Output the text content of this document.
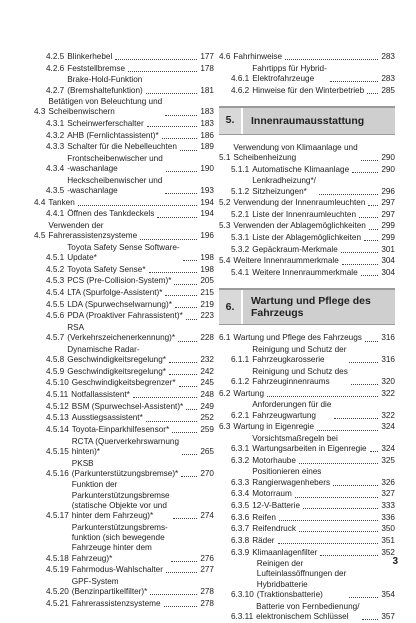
4.2.5 Blinkerhebel	177
4.2.6 Feststellbremse	178
4.2.7
Brake-Hold-Funktion
(Bremshaltefunktion)	181
4.3
Betätigen von Beleuchtung und
Scheibenwischern	183
4.3.1 Scheinwerferschalter	183
4.3.2 AHB (Fernlichtassistent)*	186
4.3.3 Schalter für die Nebelleuchten	189
4.3.4
Frontscheibenwischer und
-waschanlage	190
4.3.5
Heckscheibenwischer und
-waschanlage	193
4.4 Tanken	194
4.4.1 Öffnen des Tankdeckels	194
4.5
Verwenden der
Fahrerassistenzsysteme	196
4.5.1
Toyota Safety Sense Software-
Update*	198
4.5.2 Toyota Safety Sense*	198
4.5.3 PCS (Pre-Collision-System)*	205
4.5.4 LTA (Spurfolge-Assistent)*	215
4.5.5 LDA (Spurwechselwarnung)*	219
4.5.6 PDA (Proaktiver Fahrassistent)* 223
4.5.7
RSA
(Verkehrszeichenerkennung)*	228
4.5.8
Dynamische Radar-
Geschwindigkeitsregelung*	232
4.5.9 Geschwindigkeitsregelung*	242
4.5.10 Geschwindigkeitsbegrenzer*	245
4.5.11 Notfallassistent*	248
4.5.12 BSM (Spurwechsel-Assistent)* 249
4.5.13 Ausstiegsassistent*	252
4.5.14 Toyota-Einparkhilfesensor*	259
4.5.15
RCTA (Querverkehrswarnung
hinten)*	265
4.5.16
PKSB
(Parkunterstützungsbremse)*	270
4.5.17
Funktion der
Parkunterstützungsbremse
(statische Objekte vor und
hinter dem Fahrzeug)*	274
4.5.18
Parkunterstützungsbrems-
funktion (sich bewegende
Fahrzeuge hinter dem
Fahrzeug)*	276
4.5.19 Fahrmodus-Wahlschalter	277
4.5.20
GPF-System
(Benzinpartikelfilter)*	278
4.5.21 Fahrerassistenzsysteme	278
4.6 Fahrhinweise	283
4.6.1
Fahrtipps für Hybrid-
Elektrofahrzeuge	283
4.6.2 Hinweise für den Winterbetrieb 285
5.	Innenraumausstattung
5.1
Verwendung von Klimaanlage und
Scheibenheizung	290
5.1.1 Automatische Klimaanlage	290
5.1.2
Lenkradheizung*/
Sitzheizungen*	296
5.2 Verwendung der Innenraumleuchten 297
5.2.1 Liste der Innenraumleuchten	297
5.3 Verwenden der Ablagemöglichkeiten 299
5.3.1 Liste der Ablagemöglichkeiten 299
5.3.2 Gepäckraum-Merkmale	301
5.4 Weitere Innenraummerkmale	304
5.4.1 Weitere Innenraummerkmale	304
6.	Wartung und Pflege des
Fahrzeugs
6.1 Wartung und Pflege des Fahrzeugs 316
6.1.1
Reinigung und Schutz der
Fahrzeugkarosserie	316
6.1.2
Reinigung und Schutz des
Fahrzeuginnenraums	320
6.2 Wartung	322
6.2.1
Anforderungen für die
Fahrzeugwartung	322
6.3 Wartung in Eigenregie	324
6.3.1
Vorsichtsmaßregeln bei
Wartungsarbeiten in Eigenregie 324
6.3.2 Motorhaube	325
6.3.3
Positionieren eines
Rangierwagenhebers	326
6.3.4 Motorraum	327
6.3.5 12-V-Batterie	333
6.3.6 Reifen	336
6.3.7 Reifendruck	350
6.3.8 Räder	351
6.3.9 Klimaanlagenfilter	352
6.3.10
Reinigen der
Lufteinlassöffnungen der
Hybridbatterie
(Traktionsbatterie)	354
6.3.11
Batterie von Fernbedienung/
elektronischem Schlüssel	357
3
